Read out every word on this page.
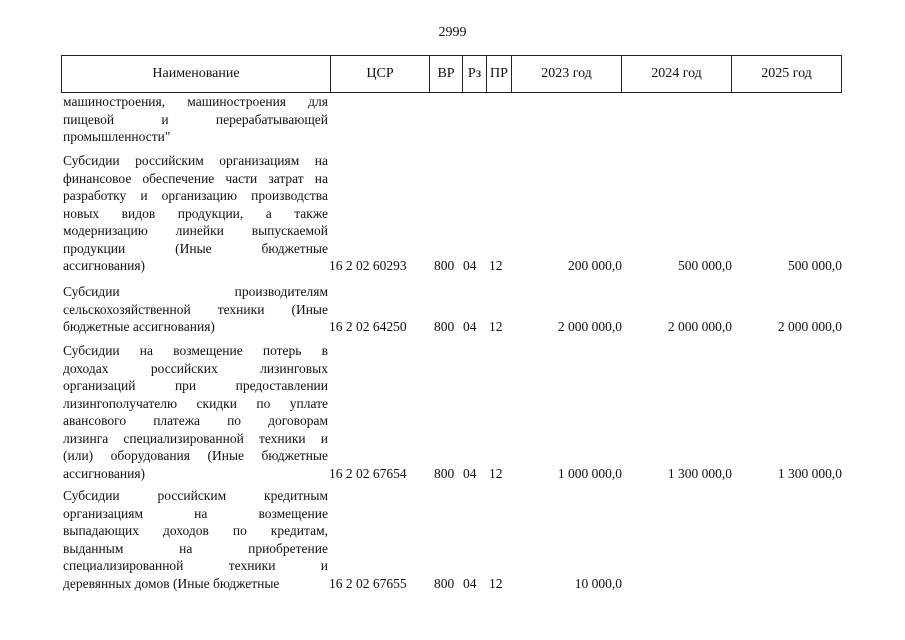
2999
Наименование	ЦСР	ВР Рз ПР	2023 год	2024 год	2025 год
машиностроения, машиностроения для
пищевой и перерабатывающей
промышленности"
Субсидии российским организациям на
финансовое обеспечение части затрат на
разработку и организацию производства
новых видов продукции, а также
модернизацию линейки выпускаемой
продукции (Иные бюджетные
ассигнования)	16 2 02 60293	800 04 12	200 000,0	500 000,0	500 000,0
Субсидии производителям
сельскохозяйственной техники (Иные
бюджетные ассигнования)	16 2 02 64250	800 04 12	2 000 000,0	2 000 000,0	2 000 000,0
Субсидии на возмещение потерь в
доходах российских лизинговых
организаций при предоставлении
лизингополучателю скидки по уплате
авансового платежа по договорам
лизинга специализированной техники и
(или) оборудования (Иные бюджетные
ассигнования)	16 2 02 67654	800 04 12	1 000 000,0	1 300 000,0	1 300 000,0
Субсидии российским кредитным
организациям на возмещение
выпадающих доходов по кредитам,
выданным на приобретение
специализированной техники и
деревянных домов (Иные бюджетные	16 2 02 67655	800 04 12	10 000,0
